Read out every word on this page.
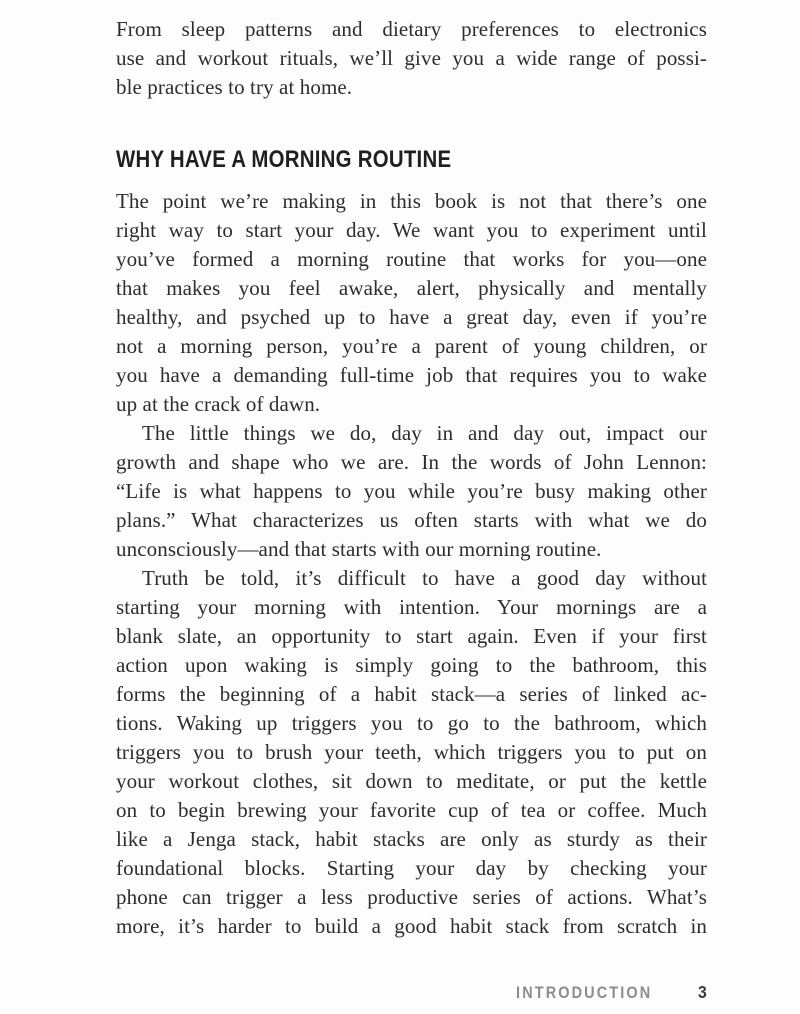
From sleep patterns and dietary preferences to electronics
use and workout rituals, we’ll give you a wide range of possi-
ble practices to try at home.
WHY HAVE A MORNING ROUTINE
The point we’re making in this book is not that there’s one
right way to start your day. We want you to experiment until
you’ve formed a morning routine that works for you—one
that makes you feel awake, alert, physically and mentally
healthy, and psyched up to have a great day, even if you’re
not a morning person, you’re a parent of young children, or
you have a demanding full-time job that requires you to wake
up at the crack of dawn.
The little things we do, day in and day out, impact our
growth and shape who we are. In the words of John Lennon:
“Life is what happens to you while you’re busy making other
plans.” What characterizes us often starts with what we do
unconsciously—and that starts with our morning routine.
Truth be told, it’s difficult to have a good day without
starting your morning with intention. Your mornings are a
blank slate, an opportunity to start again. Even if your first
action upon waking is simply going to the bathroom, this
forms the beginning of a habit stack—a series of linked ac-
tions. Waking up triggers you to go to the bathroom, which
triggers you to brush your teeth, which triggers you to put on
your workout clothes, sit down to meditate, or put the kettle
on to begin brewing your favorite cup of tea or coffee. Much
like a Jenga stack, habit stacks are only as sturdy as their
foundational blocks. Starting your day by checking your
phone can trigger a less productive series of actions. What’s
more, it’s harder to build a good habit stack from scratch in
INTRODUCTION	3
